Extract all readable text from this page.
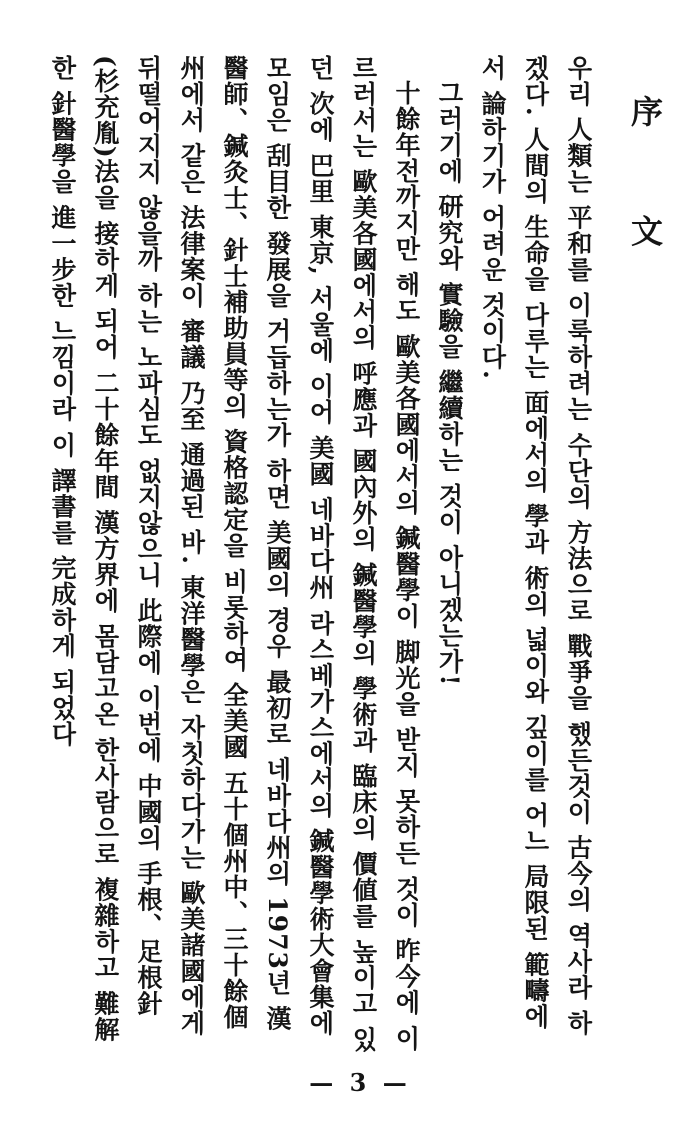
序 文

우리 人類는 平和를 이룩하려는 수단의 方法으로 戰爭을 했든것이 古今의 역사라 하겠다. 人間의 生命을 다루는 面에서의 學과 術의 넓이와 깊이를 어느 局限된 範疇에서 論하기가 어려운 것이다.

그러기에 研究와 實驗을 繼續하는 것이 아니겠는가!

十餘年전까지만 해도 歐美各國에서의 鍼醫學이 脚光을 받지 못하든 것이 昨今에 이르러서는 歐美各國에서의 呼應과 國內外의 鍼醫學의 學術과 臨床의 價値를 높이고 있던 次에 巴里 東京, 서울에 이어 美國 네바다州 라스베가스에서의 鍼醫學術大會集에 모임은 刮目한 發展을 거듭하는가 하면 美國의 경우 最初로 네바다州의 1973년 漢醫師、鍼灸士、針士補助員等의 資格認定을 비롯하여 全美國 五十個州中、三十餘個州에서 같은 法律案이 審議 乃至 通過된 바. 東洋醫學은 자칫하다가는 歐美諸國에게 뒤떨어지지 않을까 하는 노파심도 없지않으니 此際에 이번에 中國의 手根、足根針(杉充胤)法을 接하게 되어 二十餘年間 漢方界에 몸담고온 한사람으로 複雜하고 難解한 針醫學을 進一步한 느낌이라 이 譯書를 完成하게 되었다

— 3 —
